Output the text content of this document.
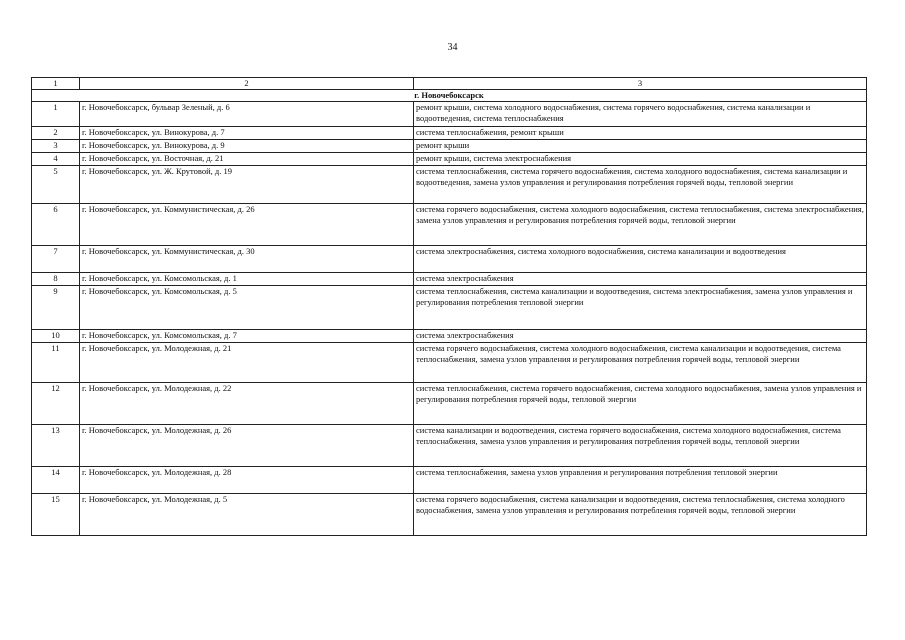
34
1	2	3
г. Новочебоксарск		
1	г. Новочебоксарск, бульвар Зеленый, д. 6	ремонт крыши, система холодного водоснабжения, система горячего водоснабжения, система канализации и водоотведения, система теплоснабжения
2	г. Новочебоксарск, ул. Винокурова, д. 7	система теплоснабжения, ремонт крыши
3	г. Новочебоксарск, ул. Винокурова, д. 9	ремонт крыши
4	г. Новочебоксарск, ул. Восточная, д. 21	ремонт крыши, система электроснабжения
5	г. Новочебоксарск, ул. Ж. Крутовой, д. 19	система теплоснабжения, система горячего водоснабжения, система холодного водоснабжения, система канализации и водоотведения, замена узлов управления и регулирования потребления горячей воды, тепловой энергии
6	г. Новочебоксарск, ул. Коммунистическая, д. 26	система горячего водоснабжения, система холодного водоснабжения, система теплоснабжения, система электроснабжения, замена узлов управления и регулирования потребления горячей воды, тепловой энергии
7	г. Новочебоксарск, ул. Коммунистическая, д. 30	система электроснабжения, система холодного водоснабжения, система канализации и водоотведения
8	г. Новочебоксарск, ул. Комсомольская, д. 1	система электроснабжения
9	г. Новочебоксарск, ул. Комсомольская, д. 5	система теплоснабжения, система канализации и водоотведения, система электроснабжения, замена узлов управления и регулирования потребления тепловой энергии
10	г. Новочебоксарск, ул. Комсомольская, д. 7	система электроснабжения
11	г. Новочебоксарск, ул. Молодежная, д. 21	система горячего водоснабжения, система холодного водоснабжения, система канализации и водоотведения, система теплоснабжения, замена узлов управления и регулирования потребления горячей воды, тепловой энергии
12	г. Новочебоксарск, ул. Молодежная, д. 22	система теплоснабжения, система горячего водоснабжения, система холодного водоснабжения, замена узлов управления и регулирования потребления горячей воды, тепловой энергии
13	г. Новочебоксарск, ул. Молодежная, д. 26	система канализации и водоотведения, система горячего водоснабжения, система холодного водоснабжения, система теплоснабжения, замена узлов управления и регулирования потребления горячей воды, тепловой энергии
14	г. Новочебоксарск, ул. Молодежная, д. 28	система теплоснабжения, замена узлов управления и регулирования потребления тепловой энергии
15	г. Новочебоксарск, ул. Молодежная, д. 5	система горячего водоснабжения, система канализации и водоотведения, система теплоснабжения, система холодного водоснабжения, замена узлов управления и регулирования потребления горячей воды, тепловой энергии
